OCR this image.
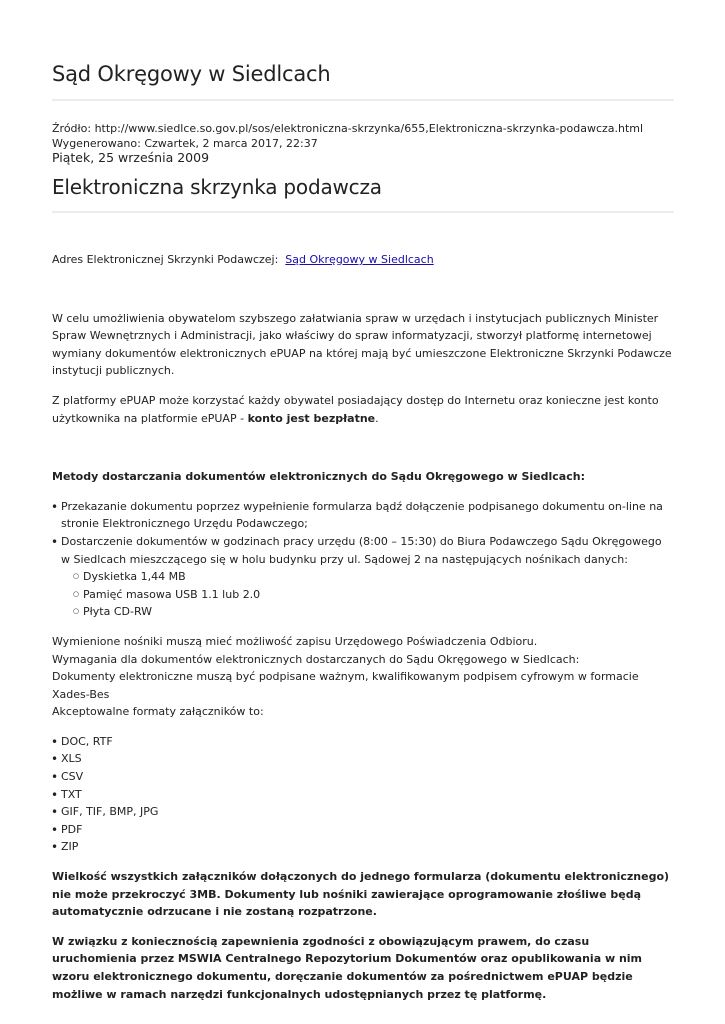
Sąd Okręgowy w Siedlcach
Źródło: http://www.siedlce.so.gov.pl/sos/elektroniczna-skrzynka/655,Elektroniczna-skrzynka-podawcza.html
Wygenerowano: Czwartek, 2 marca 2017, 22:37
Piątek, 25 września 2009
Elektroniczna skrzynka podawcza

Adres Elektronicznej Skrzynki Podawczej: Sąd Okręgowy w Siedlcach

W celu umożliwienia obywatelom szybszego załatwiania spraw w urzędach i instytucjach publicznych Minister Spraw Wewnętrznych i Administracji, jako właściwy do spraw informatyzacji, stworzył platformę internetowej wymiany dokumentów elektronicznych ePUAP na której mają być umieszczone Elektroniczne Skrzynki Podawcze instytucji publicznych.

Z platformy ePUAP może korzystać każdy obywatel posiadający dostęp do Internetu oraz konieczne jest konto użytkownika na platformie ePUAP - konto jest bezpłatne.

Metody dostarczania dokumentów elektronicznych do Sądu Okręgowego w Siedlcach:

• Przekazanie dokumentu poprzez wypełnienie formularza bądź dołączenie podpisanego dokumentu on-line na stronie Elektronicznego Urzędu Podawczego;
• Dostarczenie dokumentów w godzinach pracy urzędu (8:00 – 15:30) do Biura Podawczego Sądu Okręgowego w Siedlcach mieszczącego się w holu budynku przy ul. Sądowej 2 na następujących nośnikach danych:
○ Dyskietka 1,44 MB
○ Pamięć masowa USB 1.1 lub 2.0
○ Płyta CD-RW

Wymienione nośniki muszą mieć możliwość zapisu Urzędowego Poświadczenia Odbioru.

Wymagania dla dokumentów elektronicznych dostarczanych do Sądu Okręgowego w Siedlcach:

Dokumenty elektroniczne muszą być podpisane ważnym, kwalifikowanym podpisem cyfrowym w formacie Xades-Bes

Akceptowalne formaty załączników to:

• DOC, RTF
• XLS
• CSV
• TXT
• GIF, TIF, BMP, JPG
• PDF
• ZIP

Wielkość wszystkich załączników dołączonych do jednego formularza (dokumentu elektronicznego) nie może przekroczyć 3MB. Dokumenty lub nośniki zawierające oprogramowanie złośliwe będą automatycznie odrzucane i nie zostaną rozpatrzone.

W związku z koniecznością zapewnienia zgodności z obowiązującym prawem, do czasu uruchomienia przez MSWIA Centralnego Repozytorium Dokumentów oraz opublikowania w nim wzoru elektronicznego dokumentu, doręczanie dokumentów za pośrednictwem ePUAP będzie możliwe w ramach narzędzi funkcjonalnych udostępnianych przez tę platformę.
